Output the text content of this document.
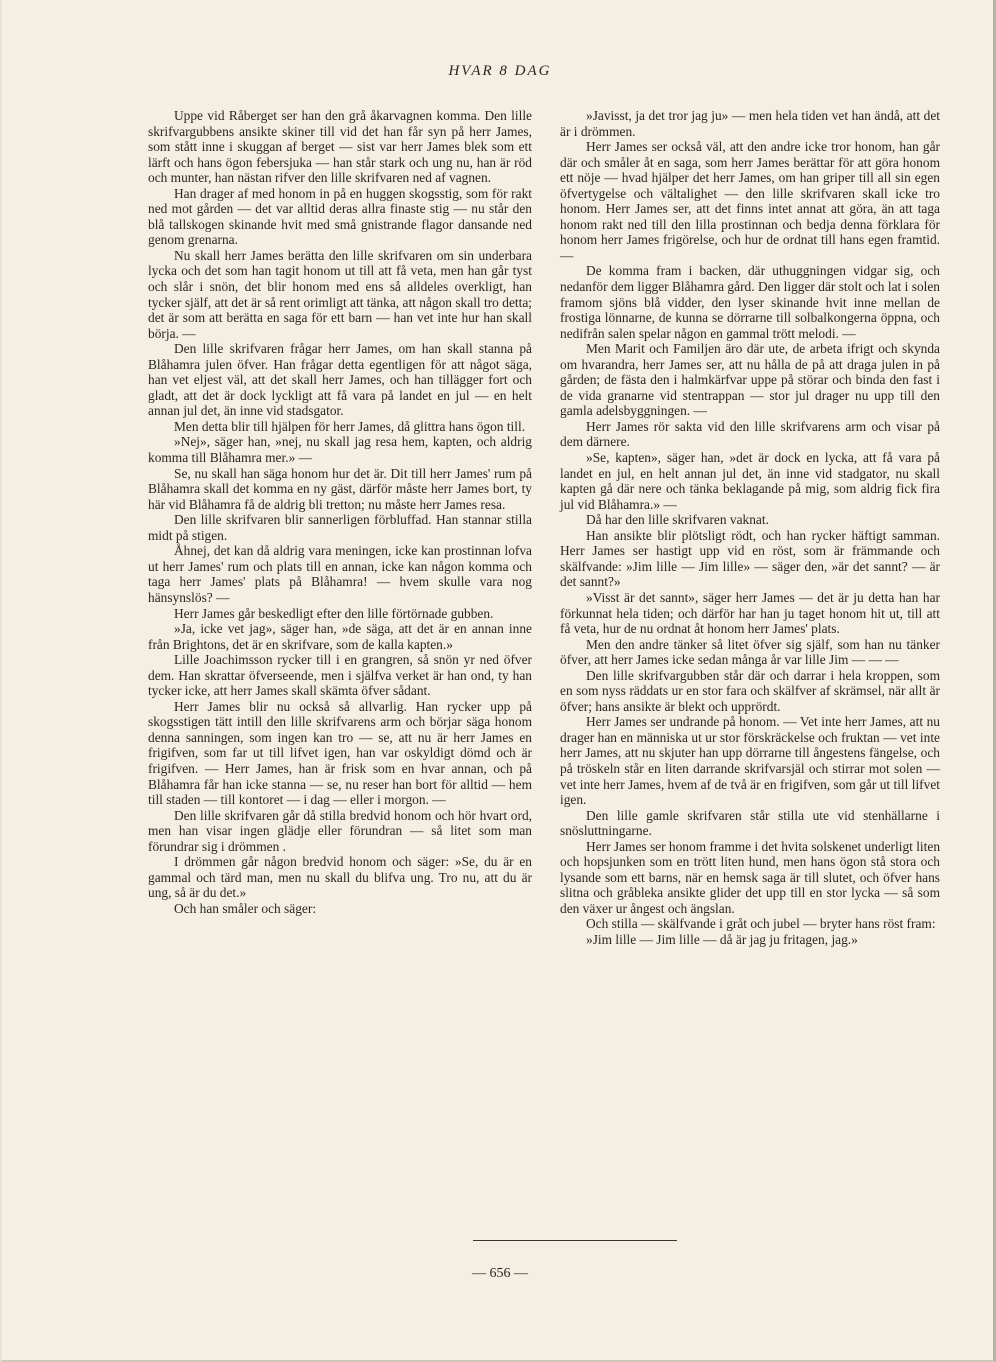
HVAR 8 DAG

Uppe vid Råberget ser han den grå åkarvagnen komma. Den lille skrifvargubbens ansikte skiner till vid det han får syn på herr James, som stått inne i skuggan af berget — sist var herr James blek som ett lärft och hans ögon febersjuka — han står stark och ung nu, han är röd och munter, han nästan rifver den lille skrifvaren ned af vagnen.

Han drager af med honom in på en huggen skogsstig, som för rakt ned mot gården — det var alltid deras allra finaste stig — nu står den blå tallskogen skinande hvit med små gnistrande flagor dansande ned genom grenarna.

Nu skall herr James berätta den lille skrifvaren om sin underbara lycka och det som han tagit honom ut till att få veta, men han går tyst och slår i snön, det blir honom med ens så alldeles overkligt, han tycker själf, att det är så rent orimligt att tänka, att någon skall tro detta; det är som att berätta en saga för ett barn — han vet inte hur han skall börja. —

Den lille skrifvaren frågar herr James, om han skall stanna på Blåhamra julen öfver. Han frågar detta egentligen för att något säga, han vet eljest väl, att det skall herr James, och han tillägger fort och gladt, att det är dock lyckligt att få vara på landet en jul — en helt annan jul det, än inne vid stadsgator.

Men detta blir till hjälpen för herr James, då glittra hans ögon till.

»Nej», säger han, »nej, nu skall jag resa hem, kapten, och aldrig komma till Blåhamra mer.» —

Se, nu skall han säga honom hur det är. Dit till herr James' rum på Blåhamra skall det komma en ny gäst, därför måste herr James bort, ty här vid Blåhamra få de aldrig bli tretton; nu måste herr James resa.

Den lille skrifvaren blir sannerligen förbluffad. Han stannar stilla midt på stigen.

Åhnej, det kan då aldrig vara meningen, icke kan prostinnan lofva ut herr James' rum och plats till en annan, icke kan någon komma och taga herr James' plats på Blåhamra! — hvem skulle vara nog hänsynslös? —

Herr James går beskedligt efter den lille förtörnade gubben.

»Ja, icke vet jag», säger han, »de säga, att det är en annan inne från Brightons, det är en skrifvare, som de kalla kapten.»

Lille Joachimsson rycker till i en grangren, så snön yr ned öfver dem. Han skrattar öfverseende, men i själfva verket är han ond, ty han tycker icke, att herr James skall skämta öfver sådant.

Herr James blir nu också så allvarlig. Han rycker upp på skogsstigen tätt intill den lille skrifvarens arm och börjar säga honom denna sanningen, som ingen kan tro — se, att nu är herr James en frigifven, som far ut till lifvet igen, han var oskyldigt dömd och är frigifven. — Herr James, han är frisk som en hvar annan, och på Blåhamra får han icke stanna — se, nu reser han bort för alltid — hem till staden — till kontoret — i dag — eller i morgon. —

Den lille skrifvaren går då stilla bredvid honom och hör hvart ord, men han visar ingen glädje eller förundran — så litet som man förundrar sig i drömmen .

I drömmen går någon bredvid honom och säger: »Se, du är en gammal och tärd man, men nu skall du blifva ung. Tro nu, att du är ung, så är du det.»

Och han småler och säger:

»Javisst, ja det tror jag ju» — men hela tiden vet han ändå, att det är i drömmen.

Herr James ser också väl, att den andre icke tror honom, han går där och småler åt en saga, som herr James berättar för att göra honom ett nöje — hvad hjälper det herr James, om han griper till all sin egen öfvertygelse och vältalighet — den lille skrifvaren skall icke tro honom. Herr James ser, att det finns intet annat att göra, än att taga honom rakt ned till den lilla prostinnan och bedja denna förklara för honom herr James frigörelse, och hur de ordnat till hans egen framtid. —

De komma fram i backen, där uthuggningen vidgar sig, och nedanför dem ligger Blåhamra gård. Den ligger där stolt och lat i solen framom sjöns blå vidder, den lyser skinande hvit inne mellan de frostiga lönnarne, de kunna se dörrarne till solbalkongerna öppna, och nedifrån salen spelar någon en gammal trött melodi. —

Men Marit och Familjen äro där ute, de arbeta ifrigt och skynda om hvarandra, herr James ser, att nu hålla de på att draga julen in på gården; de fästa den i halmkärfvar uppe på störar och binda den fast i de vida granarne vid stentrappan — stor jul drager nu upp till den gamla adelsbyggningen. —

Herr James rör sakta vid den lille skrifvarens arm och visar på dem därnere.

»Se, kapten», säger han, »det är dock en lycka, att få vara på landet en jul, en helt annan jul det, än inne vid stadgator, nu skall kapten gå där nere och tänka beklagande på mig, som aldrig fick fira jul vid Blåhamra.» —

Då har den lille skrifvaren vaknat.

Han ansikte blir plötsligt rödt, och han rycker häftigt samman. Herr James ser hastigt upp vid en röst, som är främmande och skälfvande: »Jim lille — Jim lille» — säger den, »är det sannt? — är det sannt?»

»Visst är det sannt», säger herr James — det är ju detta han har förkunnat hela tiden; och därför har han ju taget honom hit ut, till att få veta, hur de nu ordnat åt honom herr James' plats.

Men den andre tänker så litet öfver sig själf, som han nu tänker öfver, att herr James icke sedan många år var lille Jim — — —

Den lille skrifvargubben står där och darrar i hela kroppen, som en som nyss räddats ur en stor fara och skälfver af skrämsel, när allt är öfver; hans ansikte är blekt och upprördt.

Herr James ser undrande på honom. — Vet inte herr James, att nu drager han en människa ut ur stor förskräckelse och fruktan — vet inte herr James, att nu skjuter han upp dörrarne till ångestens fängelse, och på tröskeln står en liten darrande skrifvarsjäl och stirrar mot solen — vet inte herr James, hvem af de två är en frigifven, som går ut till lifvet igen.

Den lille gamle skrifvaren står stilla ute vid stenhällarne i snösluttningarne.

Herr James ser honom framme i det hvita solskenet underligt liten och hopsjunken som en trött liten hund, men hans ögon stå stora och lysande som ett barns, när en hemsk saga är till slutet, och öfver hans slitna och gråbleka ansikte glider det upp till en stor lycka — så som den växer ur ångest och ängslan.

Och stilla — skälfvande i gråt och jubel — bryter hans röst fram:

»Jim lille — Jim lille — då är jag ju fritagen, jag.»

— 656 —
